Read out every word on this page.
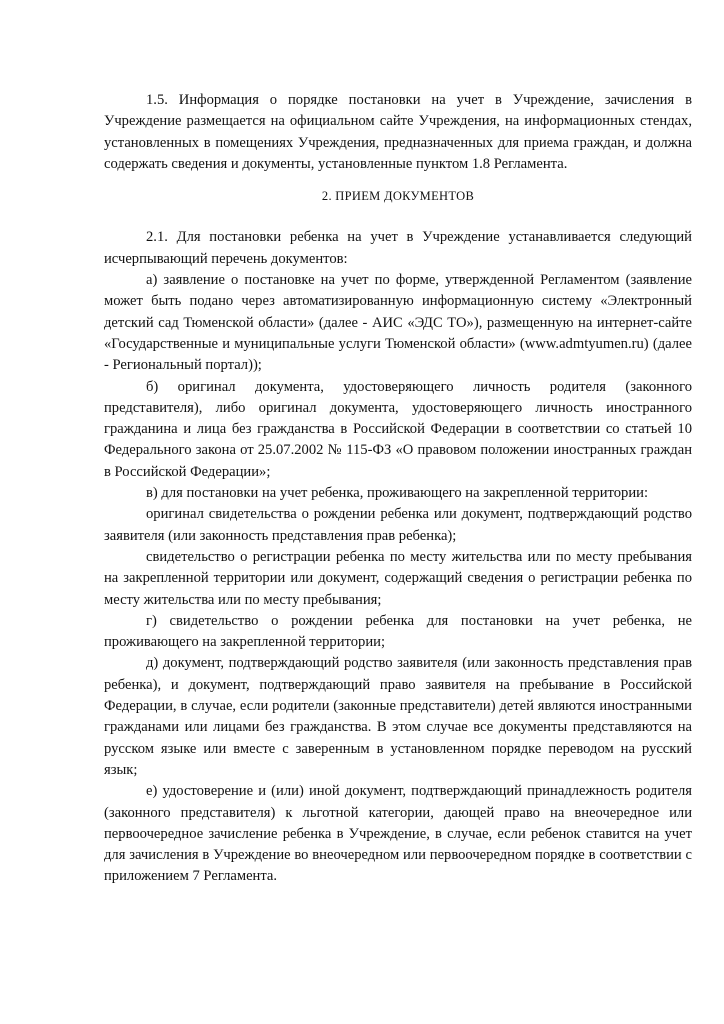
1.5. Информация о порядке постановки на учет в Учреждение, зачисления в Учреждение размещается на официальном сайте Учреждения, на информационных стендах, установленных в помещениях Учреждения, предназначенных для приема граждан, и должна содержать сведения и документы, установленные пунктом 1.8 Регламента.

2. ПРИЕМ ДОКУМЕНТОВ

2.1. Для постановки ребенка на учет в Учреждение устанавливается следующий исчерпывающий перечень документов:

а) заявление о постановке на учет по форме, утвержденной Регламентом (заявление может быть подано через автоматизированную информационную систему «Электронный детский сад Тюменской области» (далее - АИС «ЭДС ТО»), размещенную на интернет-сайте «Государственные и муниципальные услуги Тюменской области» (www.admtyumen.ru) (далее - Региональный портал));

б) оригинал документа, удостоверяющего личность родителя (законного представителя), либо оригинал документа, удостоверяющего личность иностранного гражданина и лица без гражданства в Российской Федерации в соответствии со статьей 10 Федерального закона от 25.07.2002 № 115-ФЗ «О правовом положении иностранных граждан в Российской Федерации»;

в) для постановки на учет ребенка, проживающего на закрепленной территории:

оригинал свидетельства о рождении ребенка или документ, подтверждающий родство заявителя (или законность представления прав ребенка);

свидетельство о регистрации ребенка по месту жительства или по месту пребывания на закрепленной территории или документ, содержащий сведения о регистрации ребенка по месту жительства или по месту пребывания;

г) свидетельство о рождении ребенка для постановки на учет ребенка, не проживающего на закрепленной территории;

д) документ, подтверждающий родство заявителя (или законность представления прав ребенка), и документ, подтверждающий право заявителя на пребывание в Российской Федерации, в случае, если родители (законные представители) детей являются иностранными гражданами или лицами без гражданства. В этом случае все документы представляются на русском языке или вместе с заверенным в установленном порядке переводом на русский язык;

е) удостоверение и (или) иной документ, подтверждающий принадлежность родителя (законного представителя) к льготной категории, дающей право на внеочередное или первоочередное зачисление ребенка в Учреждение, в случае, если ребенок ставится на учет для зачисления в Учреждение во внеочередном или первоочередном порядке в соответствии с приложением 7 Регламента.
